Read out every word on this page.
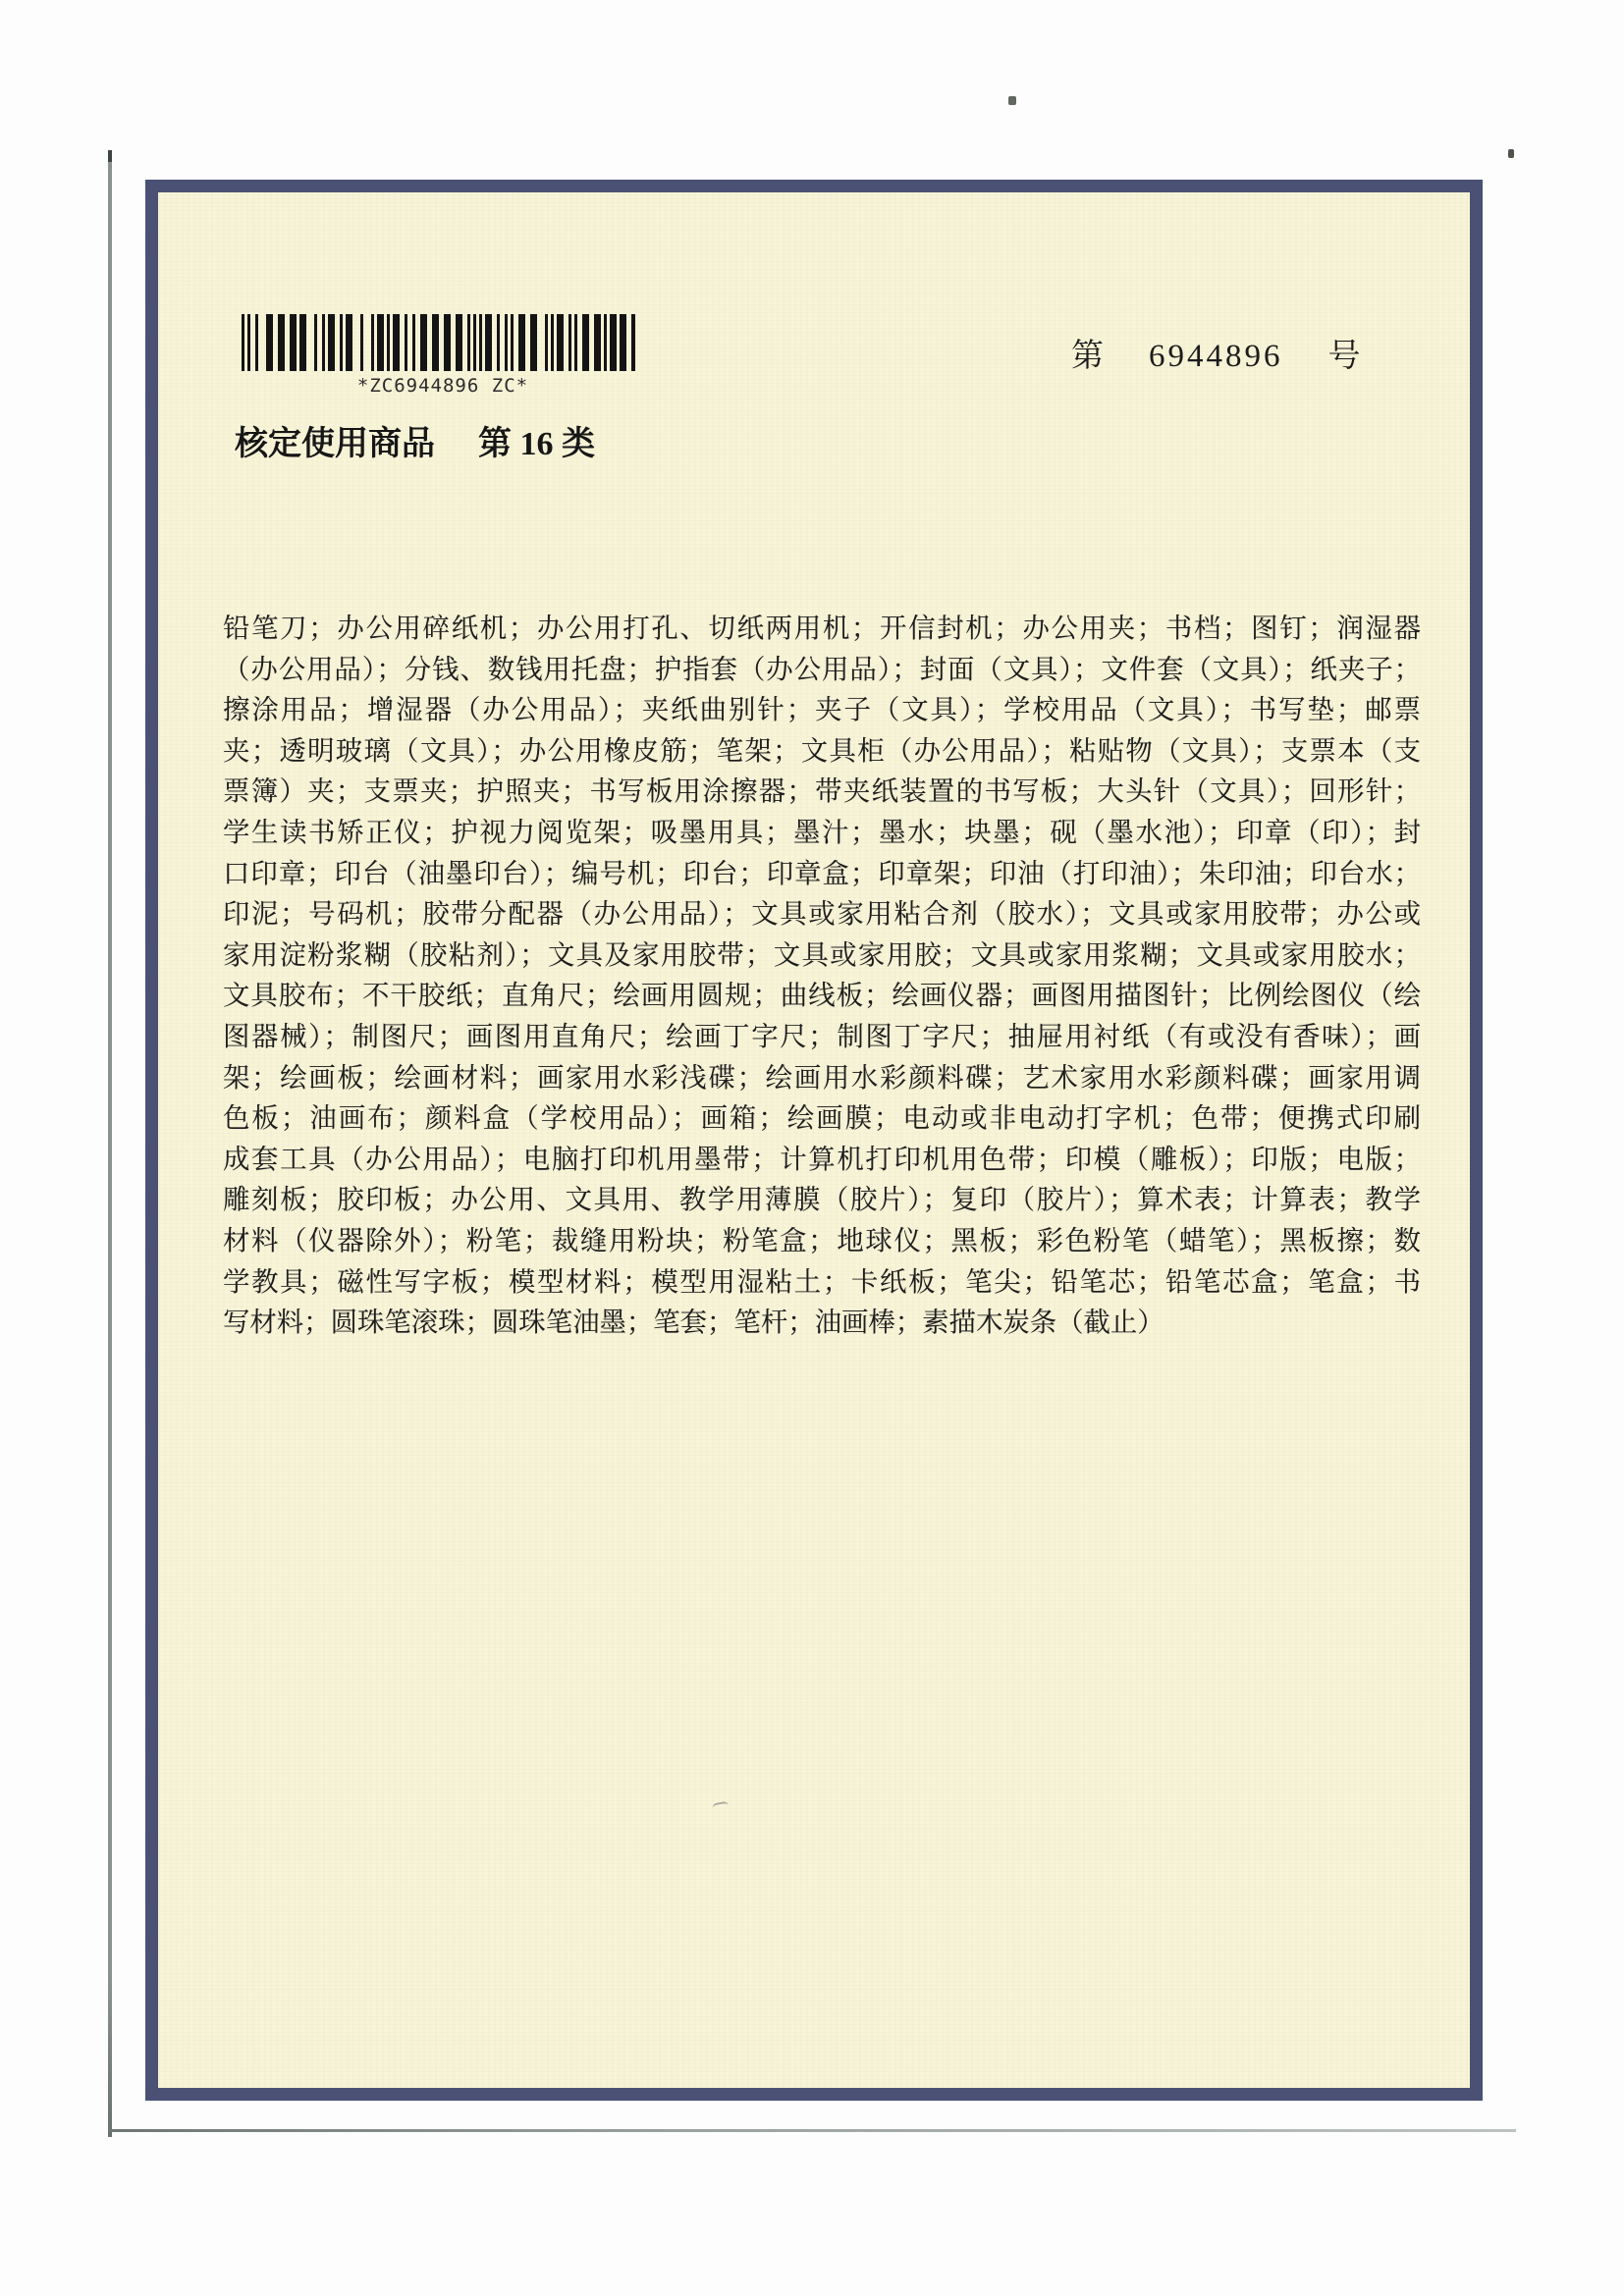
*ZC6944896 ZC*
第 6944896 号
核定使用商品 第 16 类
铅笔刀；办公用碎纸机；办公用打孔、切纸两用机；开信封机；办公用夹；书档；图钉；润湿器
（办公用品）；分钱、数钱用托盘；护指套（办公用品）；封面（文具）；文件套（文具）；纸夹子；
擦涂用品；增湿器（办公用品）；夹纸曲别针；夹子（文具）；学校用品（文具）；书写垫；邮票
夹；透明玻璃（文具）；办公用橡皮筋；笔架；文具柜（办公用品）；粘贴物（文具）；支票本（支
票簿）夹；支票夹；护照夹；书写板用涂擦器；带夹纸装置的书写板；大头针（文具）；回形针；
学生读书矫正仪；护视力阅览架；吸墨用具；墨汁；墨水；块墨；砚（墨水池）；印章（印）；封
口印章；印台（油墨印台）；编号机；印台；印章盒；印章架；印油（打印油）；朱印油；印台水；
印泥；号码机；胶带分配器（办公用品）；文具或家用粘合剂（胶水）；文具或家用胶带；办公或
家用淀粉浆糊（胶粘剂）；文具及家用胶带；文具或家用胶；文具或家用浆糊；文具或家用胶水；
文具胶布；不干胶纸；直角尺；绘画用圆规；曲线板；绘画仪器；画图用描图针；比例绘图仪（绘
图器械）；制图尺；画图用直角尺；绘画丁字尺；制图丁字尺；抽屉用衬纸（有或没有香味）；画
架；绘画板；绘画材料；画家用水彩浅碟；绘画用水彩颜料碟；艺术家用水彩颜料碟；画家用调
色板；油画布；颜料盒（学校用品）；画箱；绘画膜；电动或非电动打字机；色带；便携式印刷
成套工具（办公用品）；电脑打印机用墨带；计算机打印机用色带；印模（雕板）；印版；电版；
雕刻板；胶印板；办公用、文具用、教学用薄膜（胶片）；复印（胶片）；算术表；计算表；教学
材料（仪器除外）；粉笔；裁缝用粉块；粉笔盒；地球仪；黑板；彩色粉笔（蜡笔）；黑板擦；数
学教具；磁性写字板；模型材料；模型用湿粘土；卡纸板；笔尖；铅笔芯；铅笔芯盒；笔盒；书
写材料；圆珠笔滚珠；圆珠笔油墨；笔套；笔杆；油画棒；素描木炭条（截止）
